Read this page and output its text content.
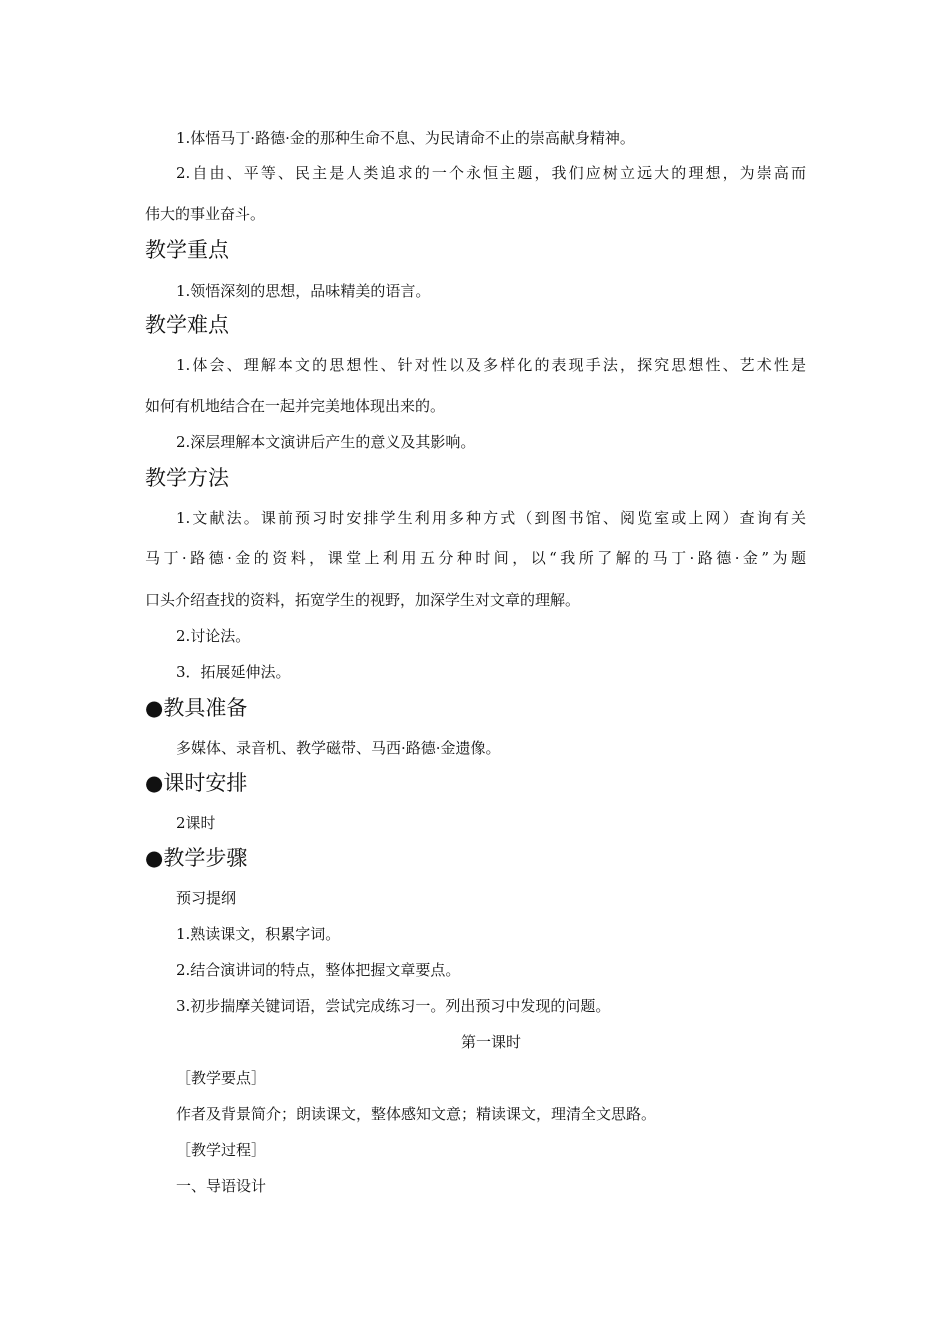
1.体悟马丁·路德·金的那种生命不息、为民请命不止的崇高献身精神。
2.自由、平等、民主是人类追求的一个永恒主题，我们应树立远大的理想，为崇高而
伟大的事业奋斗。
教学重点
1.领悟深刻的思想，品味精美的语言。
教学难点
1.体会、理解本文的思想性、针对性以及多样化的表现手法，探究思想性、艺术性是
如何有机地结合在一起并完美地体现出来的。
2.深层理解本文演讲后产生的意义及其影响。
教学方法
1.文献法。课前预习时安排学生利用多种方式（到图书馆、阅览室或上网）查询有关
马丁·路德·金的资料，课堂上利用五分种时间，以“我所了解的马丁·路德·金”为题
口头介绍查找的资料，拓宽学生的视野，加深学生对文章的理解。
2.讨论法。
3．拓展延伸法。
●教具准备
多媒体、录音机、教学磁带、马西·路德·金遗像。
●课时安排
2课时
●教学步骤
预习提纲
1.熟读课文，积累字词。
2.结合演讲词的特点，整体把握文章要点。
3.初步揣摩关键词语，尝试完成练习一。列出预习中发现的问题。
第一课时
［教学要点］
作者及背景简介；朗读课文，整体感知文意；精读课文，理清全文思路。
［教学过程］
一、导语设计
